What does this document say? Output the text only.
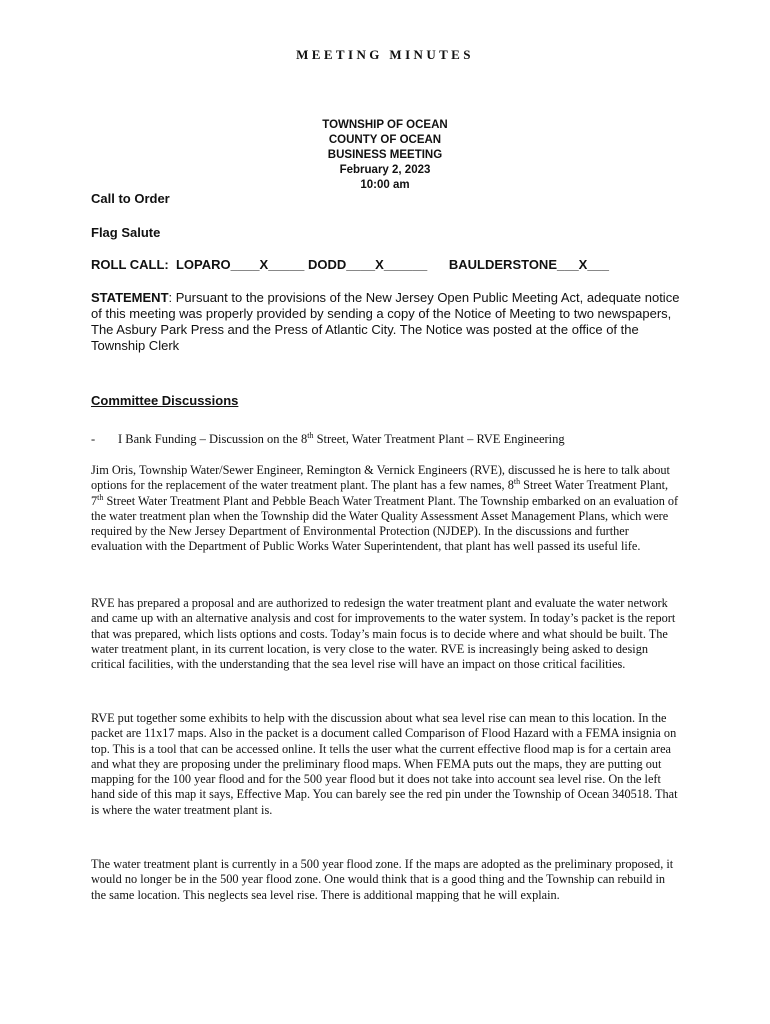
MEETING MINUTES
TOWNSHIP OF OCEAN
COUNTY OF OCEAN
BUSINESS MEETING
February 2, 2023
10:00 am
Call to Order
Flag Salute
ROLL CALL:  LOPARO____X_____ DODD____X______      BAULDERSTONE___X___
STATEMENT: Pursuant to the provisions of the New Jersey Open Public Meeting Act, adequate notice of this meeting was properly provided by sending a copy of the Notice of Meeting to two newspapers, The Asbury Park Press and the Press of Atlantic City. The Notice was posted at the office of the Township Clerk
Committee Discussions
- I Bank Funding – Discussion on the 8th Street, Water Treatment Plant – RVE Engineering
Jim Oris, Township Water/Sewer Engineer, Remington & Vernick Engineers (RVE), discussed he is here to talk about options for the replacement of the water treatment plant. The plant has a few names, 8th Street Water Treatment Plant, 7th Street Water Treatment Plant and Pebble Beach Water Treatment Plant. The Township embarked on an evaluation of the water treatment plan when the Township did the Water Quality Assessment Asset Management Plans, which were required by the New Jersey Department of Environmental Protection (NJDEP). In the discussions and further evaluation with the Department of Public Works Water Superintendent, that plant has well passed its useful life.
RVE has prepared a proposal and are authorized to redesign the water treatment plant and evaluate the water network and came up with an alternative analysis and cost for improvements to the water system. In today’s packet is the report that was prepared, which lists options and costs. Today’s main focus is to decide where and what should be built. The water treatment plant, in its current location, is very close to the water. RVE is increasingly being asked to design critical facilities, with the understanding that the sea level rise will have an impact on those critical facilities.
RVE put together some exhibits to help with the discussion about what sea level rise can mean to this location. In the packet are 11x17 maps. Also in the packet is a document called Comparison of Flood Hazard with a FEMA insignia on top. This is a tool that can be accessed online. It tells the user what the current effective flood map is for a certain area and what they are proposing under the preliminary flood maps. When FEMA puts out the maps, they are putting out mapping for the 100 year flood and for the 500 year flood but it does not take into account sea level rise. On the left hand side of this map it says, Effective Map. You can barely see the red pin under the Township of Ocean 340518. That is where the water treatment plant is.
The water treatment plant is currently in a 500 year flood zone. If the maps are adopted as the preliminary proposed, it would no longer be in the 500 year flood zone. One would think that is a good thing and the Township can rebuild in the same location. This neglects sea level rise. There is additional mapping that he will explain.
